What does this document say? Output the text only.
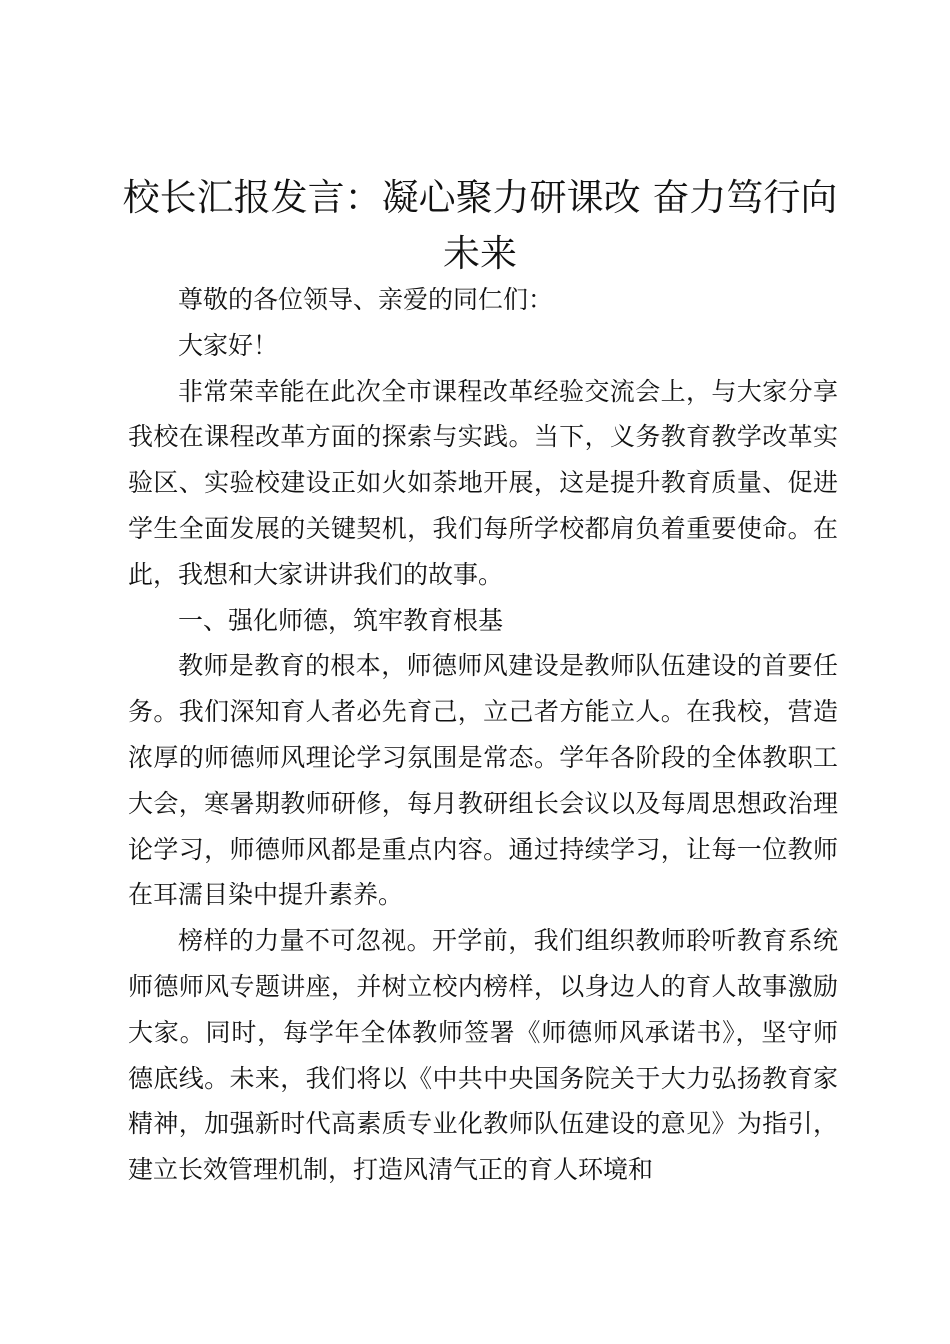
校长汇报发言：凝心聚力研课改 奋力笃行向未来

尊敬的各位领导、亲爱的同仁们：

大家好！

非常荣幸能在此次全市课程改革经验交流会上，与大家分享我校在课程改革方面的探索与实践。当下，义务教育教学改革实验区、实验校建设正如火如荼地开展，这是提升教育质量、促进学生全面发展的关键契机，我们每所学校都肩负着重要使命。在此，我想和大家讲讲我们的故事。

一、强化师德，筑牢教育根基

教师是教育的根本，师德师风建设是教师队伍建设的首要任务。我们深知育人者必先育己，立己者方能立人。在我校，营造浓厚的师德师风理论学习氛围是常态。学年各阶段的全体教职工大会，寒暑期教师研修，每月教研组长会议以及每周思想政治理论学习，师德师风都是重点内容。通过持续学习，让每一位教师在耳濡目染中提升素养。

榜样的力量不可忽视。开学前，我们组织教师聆听教育系统师德师风专题讲座，并树立校内榜样，以身边人的育人故事激励大家。同时，每学年全体教师签署《师德师风承诺书》，坚守师德底线。未来，我们将以《中共中央国务院关于大力弘扬教育家精神，加强新时代高素质专业化教师队伍建设的意见》为指引，建立长效管理机制，打造风清气正的育人环境和
